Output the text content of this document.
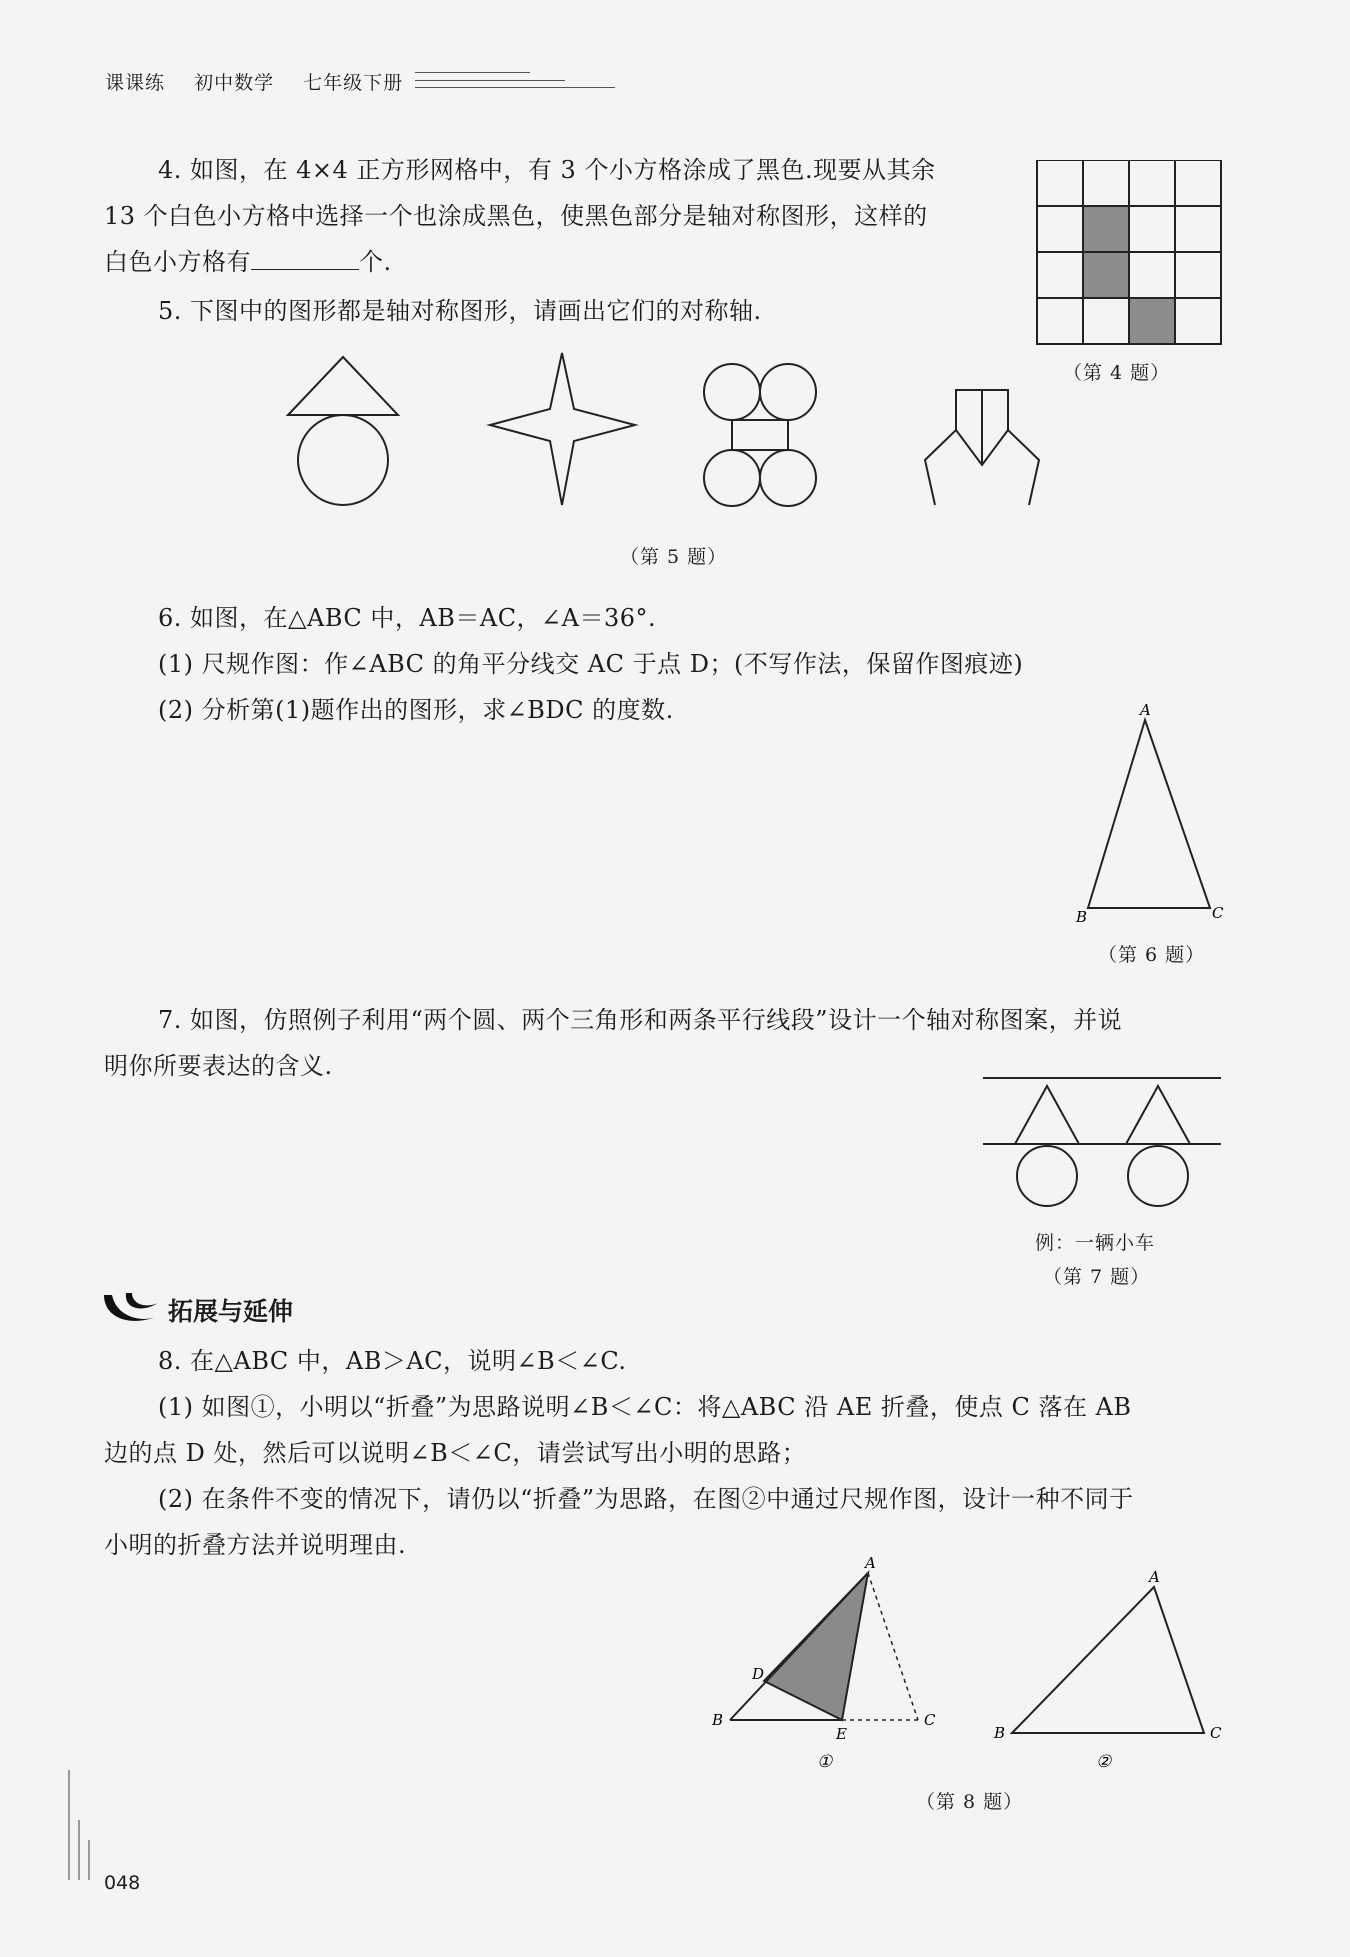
课课练 初中数学 七年级下册
4. 如图，在 4×4 正方形网格中，有 3 个小方格涂成了黑色.现要从其余
13 个白色小方格中选择一个也涂成黑色，使黑色部分是轴对称图形，这样的
白色小方格有	个.
（第 4 题）
5. 下图中的图形都是轴对称图形，请画出它们的对称轴.
（第 5 题）
6. 如图，在△ABC 中，AB＝AC，∠A＝36°.
(1) 尺规作图：作∠ABC 的角平分线交 AC 于点 D；(不写作法，保留作图痕迹)
(2) 分析第(1)题作出的图形，求∠BDC 的度数.	A
B	C
（第 6 题）
7. 如图，仿照例子利用“两个圆、两个三角形和两条平行线段”设计一个轴对称图案，并说
明你所要表达的含义.
例：一辆小车
（第 7 题）
拓展与延伸
8. 在△ABC 中，AB＞AC，说明∠B＜∠C.
(1) 如图①，小明以“折叠”为思路说明∠B＜∠C：将△ABC 沿 AE 折叠，使点 C 落在 AB
边的点 D 处，然后可以说明∠B＜∠C，请尝试写出小明的思路；
(2) 在条件不变的情况下，请仍以“折叠”为思路，在图②中通过尺规作图，设计一种不同于
小明的折叠方法并说明理由.
A
B	C
D
E
①
A
B	C
②
（第 8 题）
048
